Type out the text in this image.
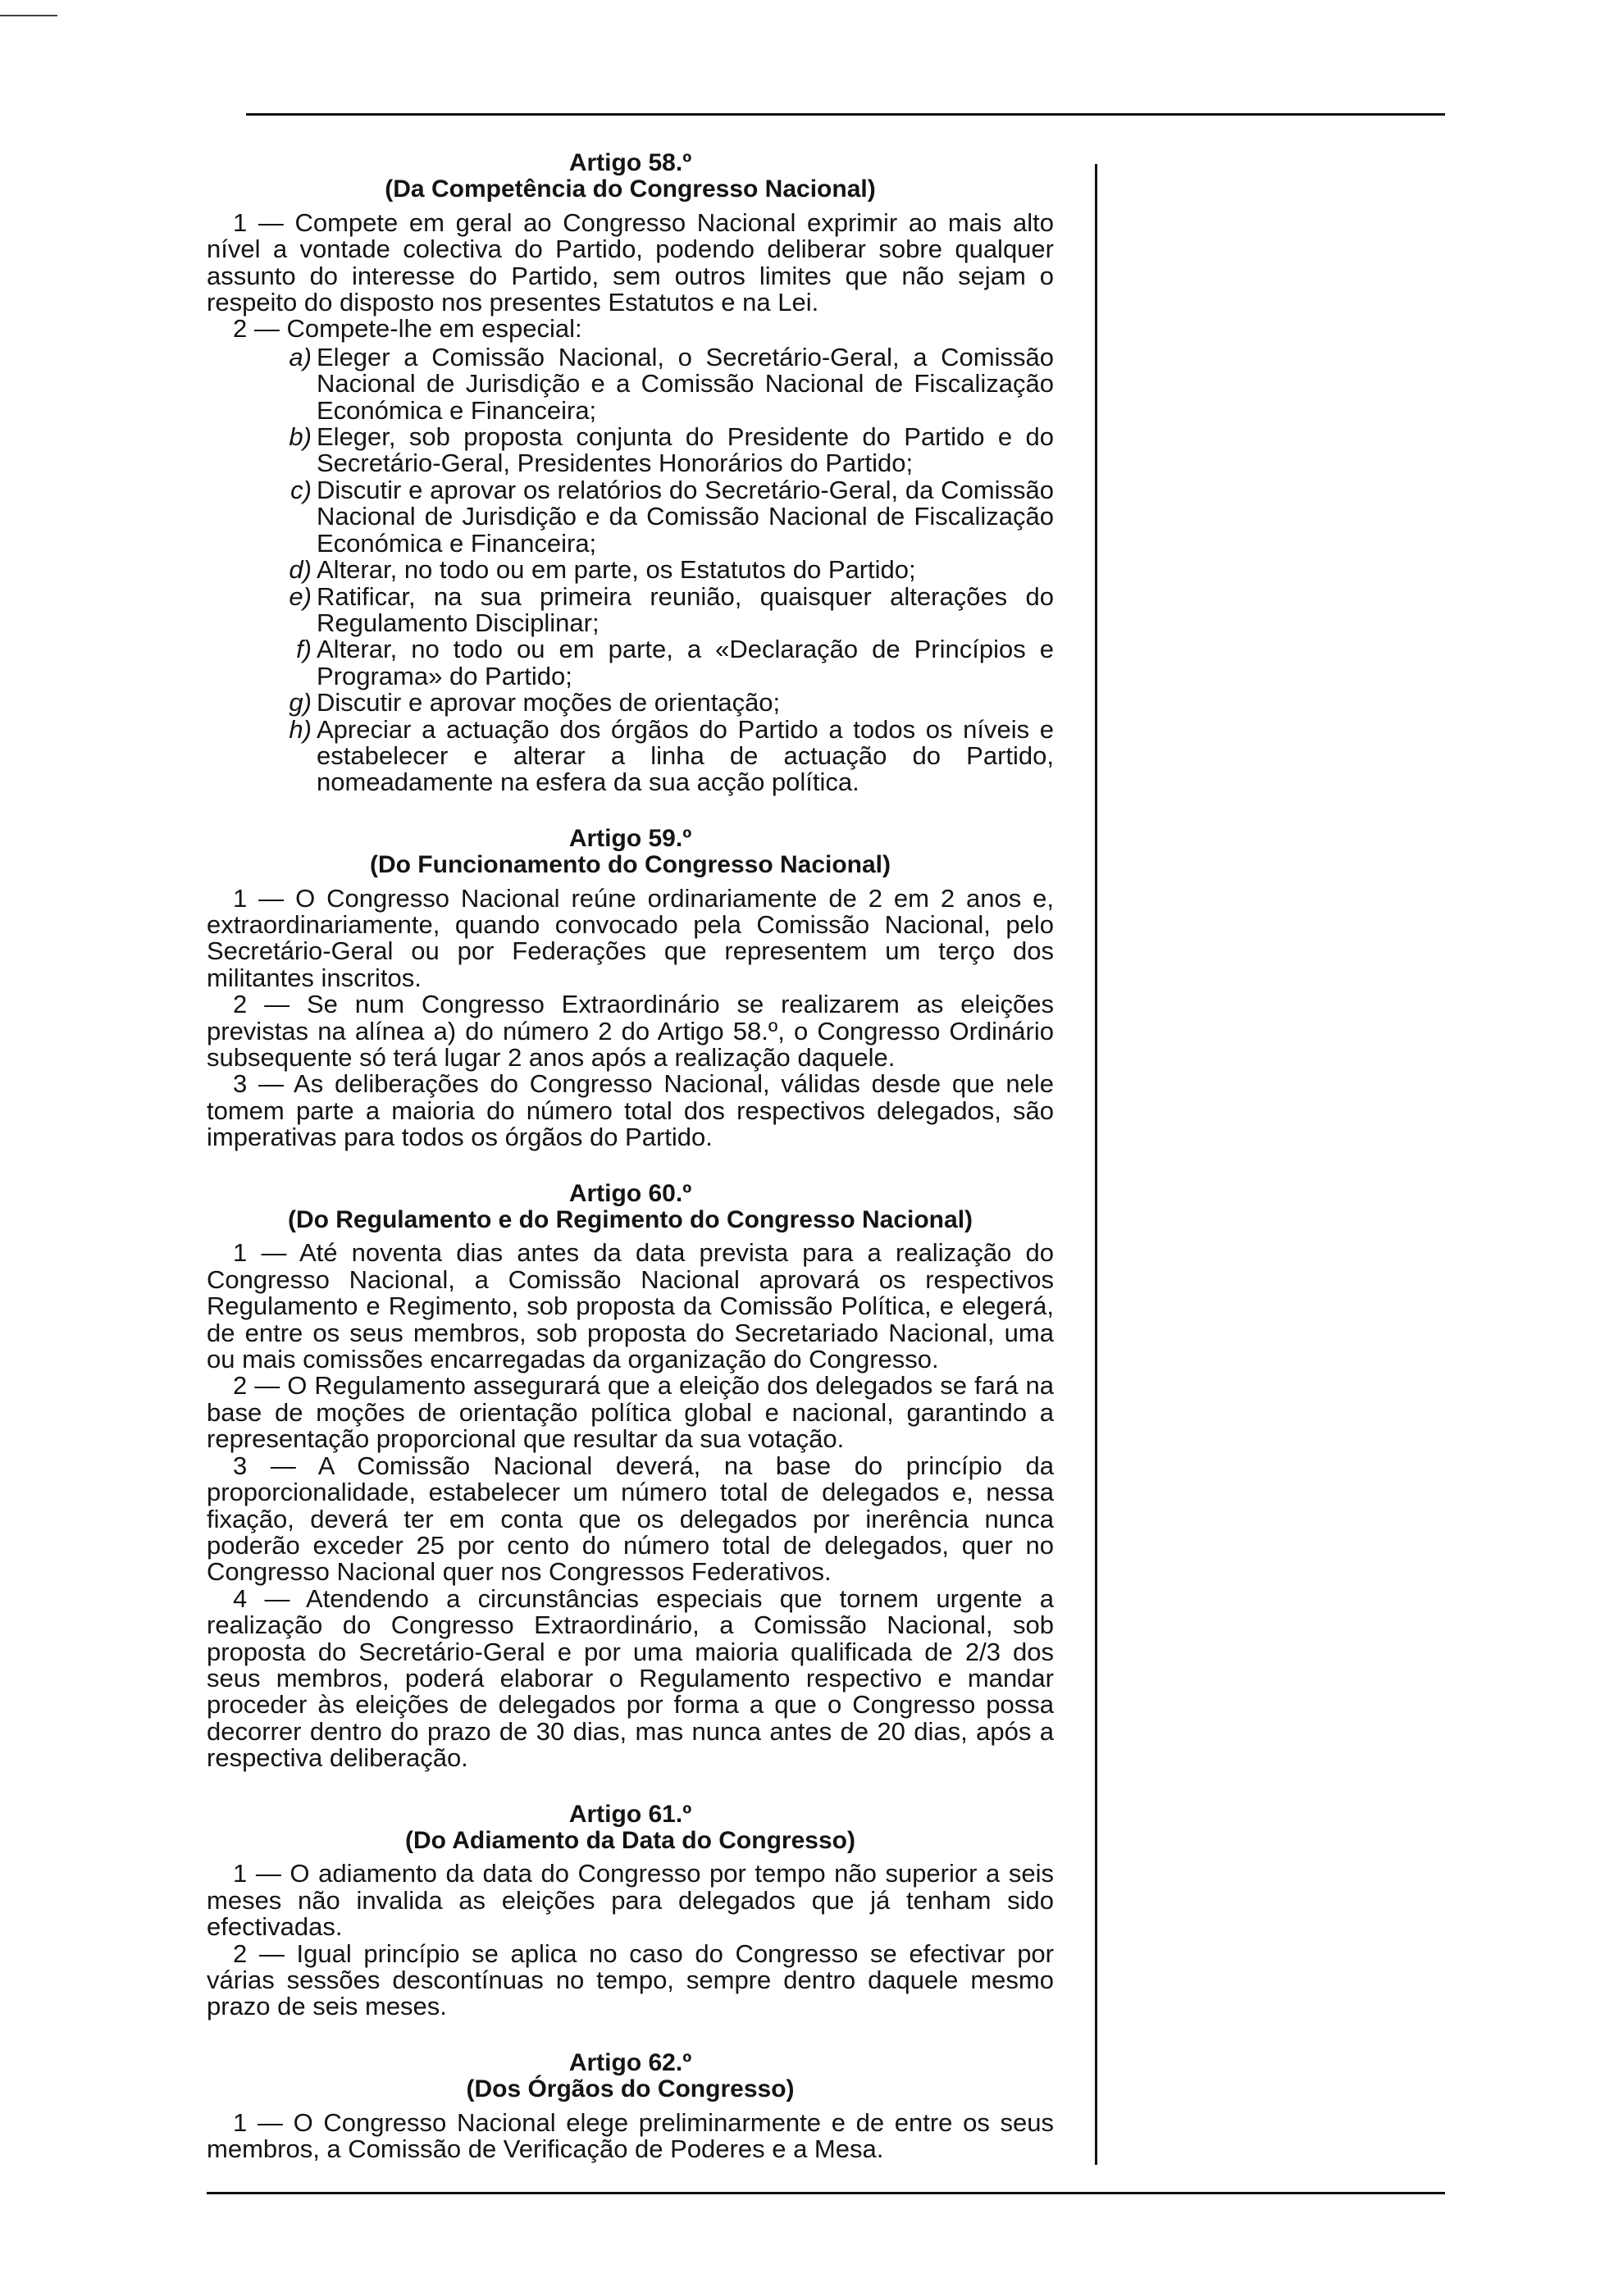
Artigo 58.º

(Da Competência do Congresso Nacional)

1 — Compete em geral ao Congresso Nacional exprimir ao mais alto nível a vontade colectiva do Partido, podendo deliberar sobre qualquer assunto do interesse do Partido, sem outros limites que não sejam o respeito do disposto nos presentes Estatutos e na Lei.

2 — Compete-lhe em especial:

a) Eleger a Comissão Nacional, o Secretário-Geral, a Comissão Nacional de Jurisdição e a Comissão Nacional de Fiscalização Económica e Financeira;
b) Eleger, sob proposta conjunta do Presidente do Partido e do Secretário-Geral, Presidentes Honorários do Partido;
c) Discutir e aprovar os relatórios do Secretário-Geral, da Comissão Nacional de Jurisdição e da Comissão Nacional de Fiscalização Económica e Financeira;
d) Alterar, no todo ou em parte, os Estatutos do Partido;
e) Ratificar, na sua primeira reunião, quaisquer alterações do Regulamento Disciplinar;
f) Alterar, no todo ou em parte, a «Declaração de Princípios e Programa» do Partido;
g) Discutir e aprovar moções de orientação;
h) Apreciar a actuação dos órgãos do Partido a todos os níveis e estabelecer e alterar a linha de actuação do Partido, nomeadamente na esfera da sua acção política.

Artigo 59.º

(Do Funcionamento do Congresso Nacional)

1 — O Congresso Nacional reúne ordinariamente de 2 em 2 anos e, extraordinariamente, quando convocado pela Comissão Nacional, pelo Secretário-Geral ou por Federações que representem um terço dos militantes inscritos.

2 — Se num Congresso Extraordinário se realizarem as eleições previstas na alínea a) do número 2 do Artigo 58.º, o Congresso Ordinário subsequente só terá lugar 2 anos após a realização daquele.

3 — As deliberações do Congresso Nacional, válidas desde que nele tomem parte a maioria do número total dos respectivos delegados, são imperativas para todos os órgãos do Partido.

Artigo 60.º

(Do Regulamento e do Regimento do Congresso Nacional)

1 — Até noventa dias antes da data prevista para a realização do Congresso Nacional, a Comissão Nacional aprovará os respectivos Regulamento e Regimento, sob proposta da Comissão Política, e elegerá, de entre os seus membros, sob proposta do Secretariado Nacional, uma ou mais comissões encarregadas da organização do Congresso.

2 — O Regulamento assegurará que a eleição dos delegados se fará na base de moções de orientação política global e nacional, garantindo a representação proporcional que resultar da sua votação.

3 — A Comissão Nacional deverá, na base do princípio da proporcionalidade, estabelecer um número total de delegados e, nessa fixação, deverá ter em conta que os delegados por inerência nunca poderão exceder 25 por cento do número total de delegados, quer no Congresso Nacional quer nos Congressos Federativos.

4 — Atendendo a circunstâncias especiais que tornem urgente a realização do Congresso Extraordinário, a Comissão Nacional, sob proposta do Secretário-Geral e por uma maioria qualificada de 2/3 dos seus membros, poderá elaborar o Regulamento respectivo e mandar proceder às eleições de delegados por forma a que o Congresso possa decorrer dentro do prazo de 30 dias, mas nunca antes de 20 dias, após a respectiva deliberação.

Artigo 61.º

(Do Adiamento da Data do Congresso)

1 — O adiamento da data do Congresso por tempo não superior a seis meses não invalida as eleições para delegados que já tenham sido efectivadas.

2 — Igual princípio se aplica no caso do Congresso se efectivar por várias sessões descontínuas no tempo, sempre dentro daquele mesmo prazo de seis meses.

Artigo 62.º

(Dos Órgãos do Congresso)

1 — O Congresso Nacional elege preliminarmente e de entre os seus membros, a Comissão de Verificação de Poderes e a Mesa.
